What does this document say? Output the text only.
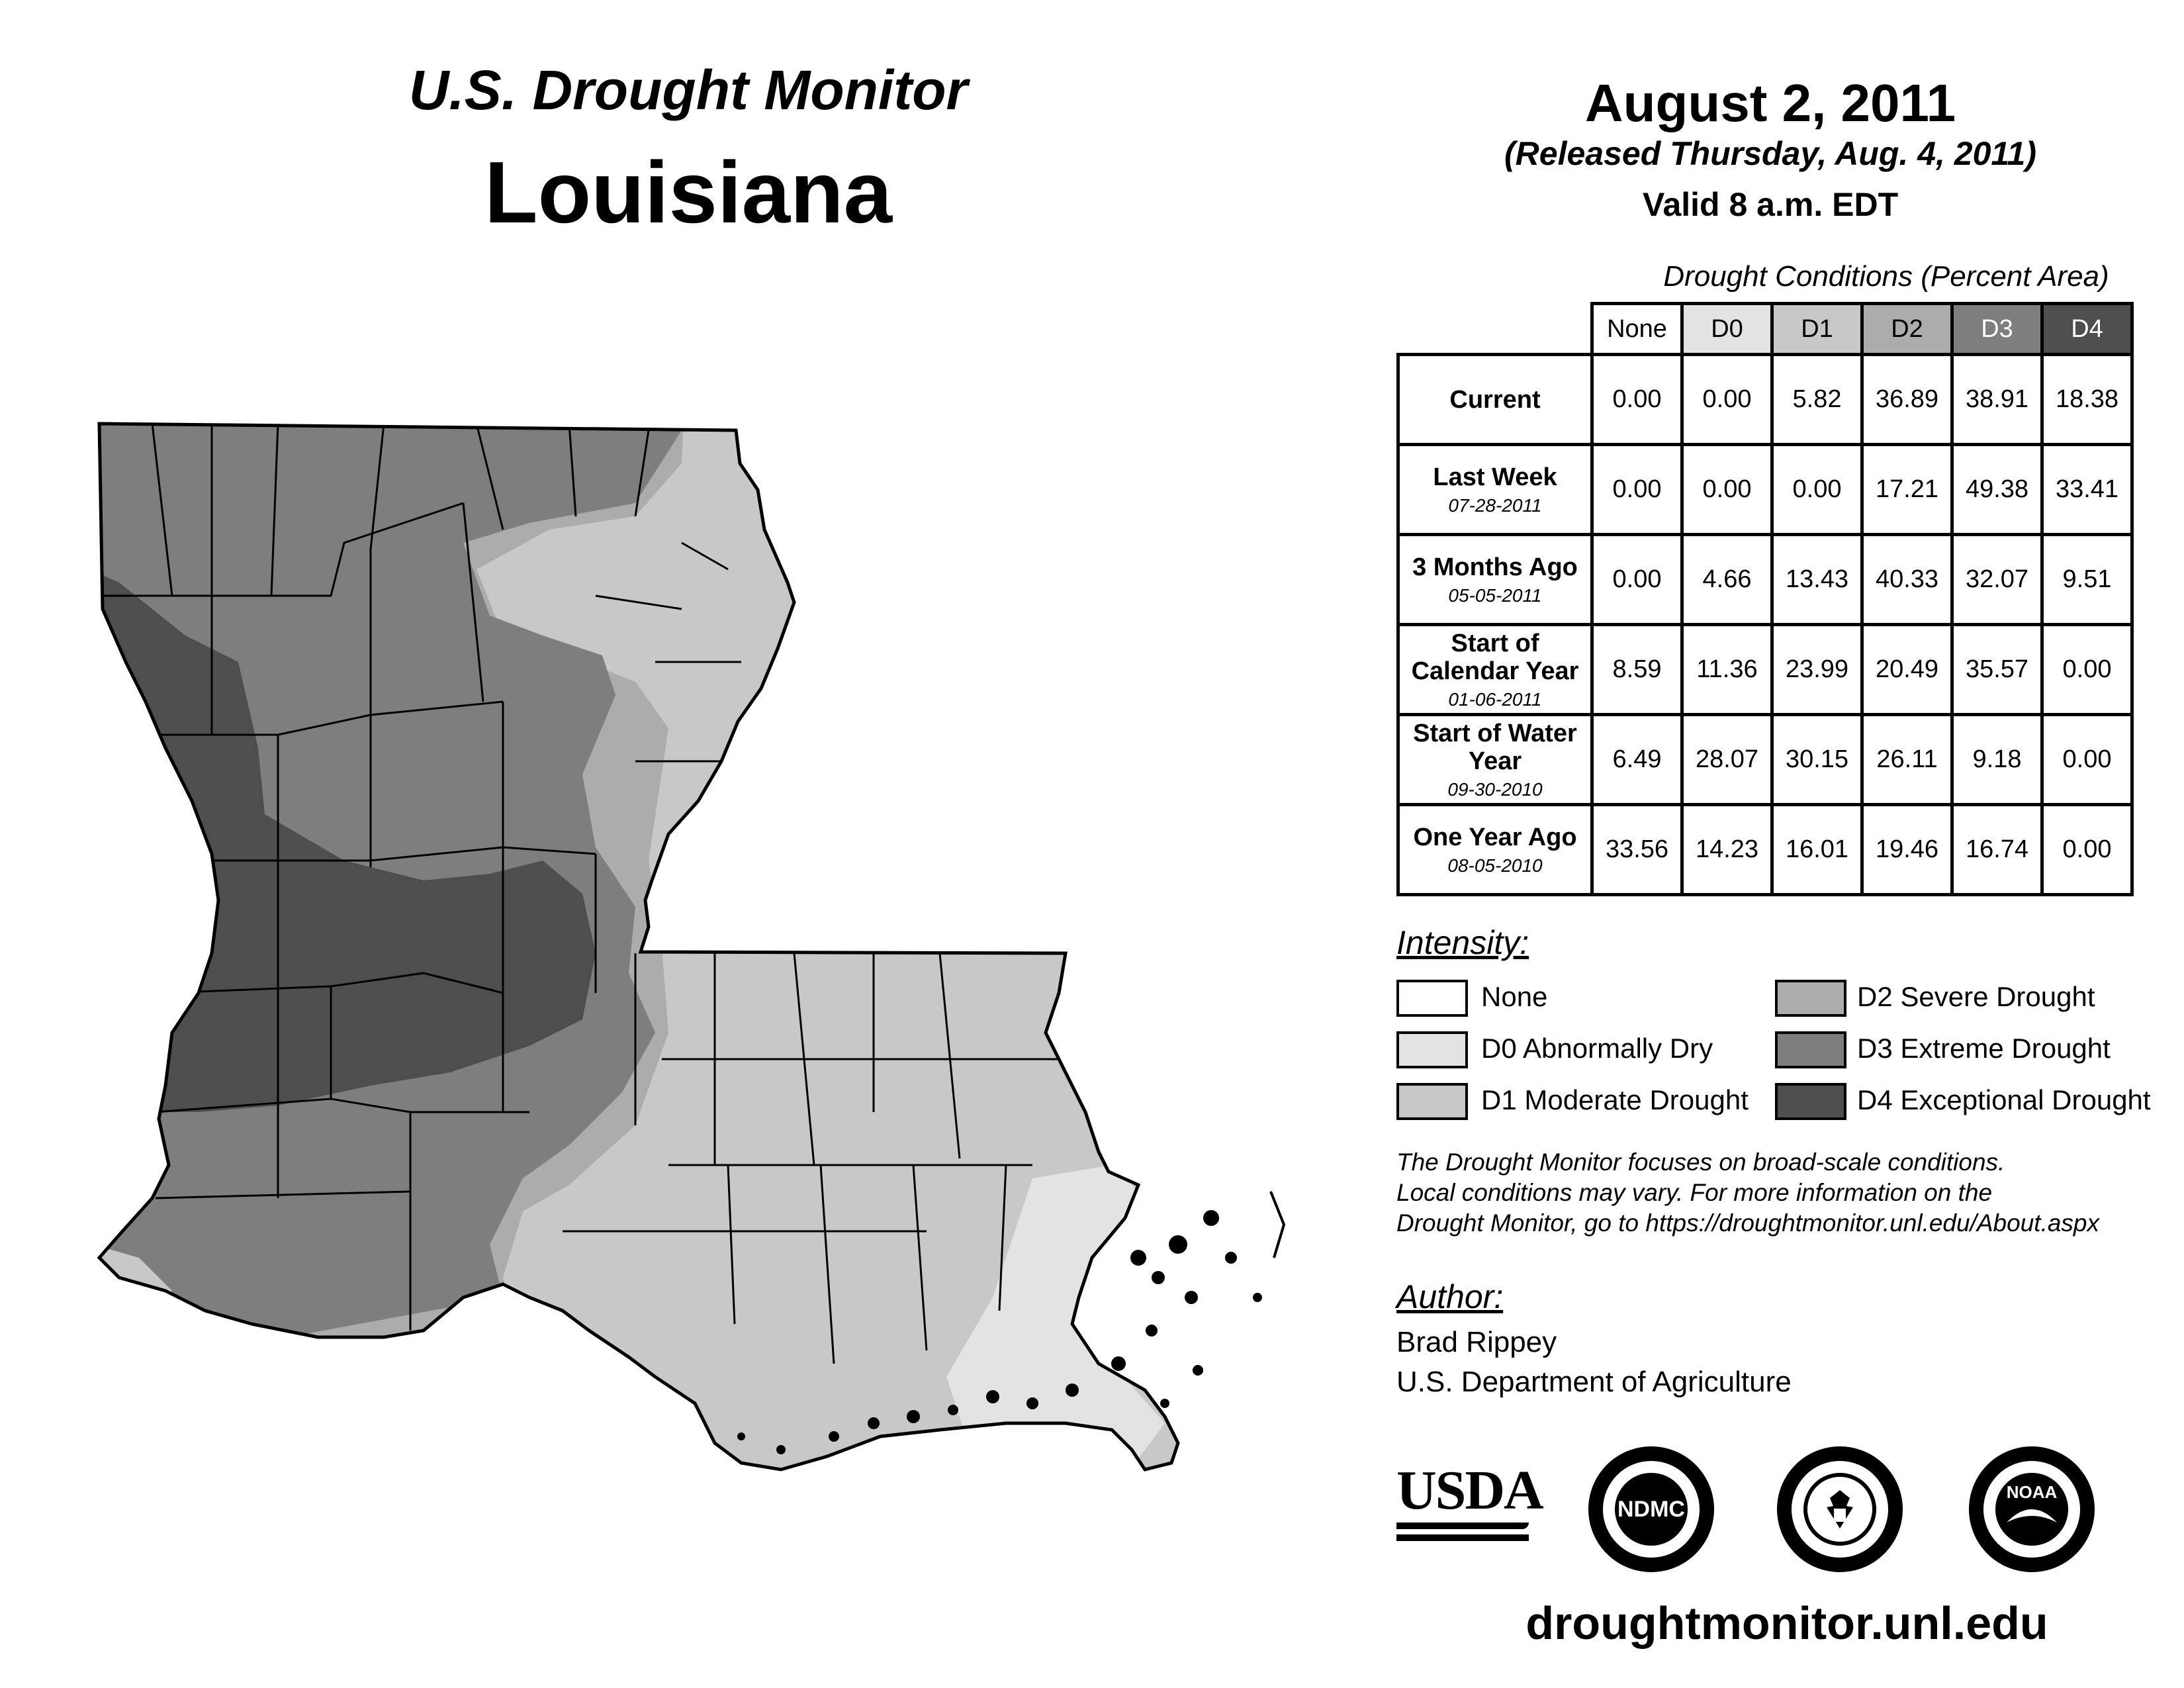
U.S. Drought Monitor
Louisiana
August 2, 2011
(Released Thursday, Aug. 4, 2011)
Valid 8 a.m. EDT
Drought Conditions (Percent Area)
	None	D0	D1	D2	D3	D4

Current	0.00	0.00	5.82	36.89	38.91	18.38

Last Week
07-28-2011	0.00	0.00	0.00	17.21	49.38	33.41

3 Months Ago
05-05-2011	0.00	4.66	13.43	40.33	32.07	9.51

Start of Calendar Year
01-06-2011	8.59	11.36	23.99	20.49	35.57	0.00

Start of Water Year
09-30-2010	6.49	28.07	30.15	26.11	9.18	0.00

One Year Ago
08-05-2010	33.56	14.23	16.01	19.46	16.74	0.00
Intensity:
None
D0 Abnormally Dry
D1 Moderate Drought
D2 Severe Drought
D3 Extreme Drought
D4 Exceptional Drought
The Drought Monitor focuses on broad-scale conditions.
Local conditions may vary. For more information on the
Drought Monitor, go to https://droughtmonitor.unl.edu/About.aspx
Author:
Brad Rippey
U.S. Department of Agriculture
USDA	NDMC
NOAA
droughtmonitor.unl.edu
